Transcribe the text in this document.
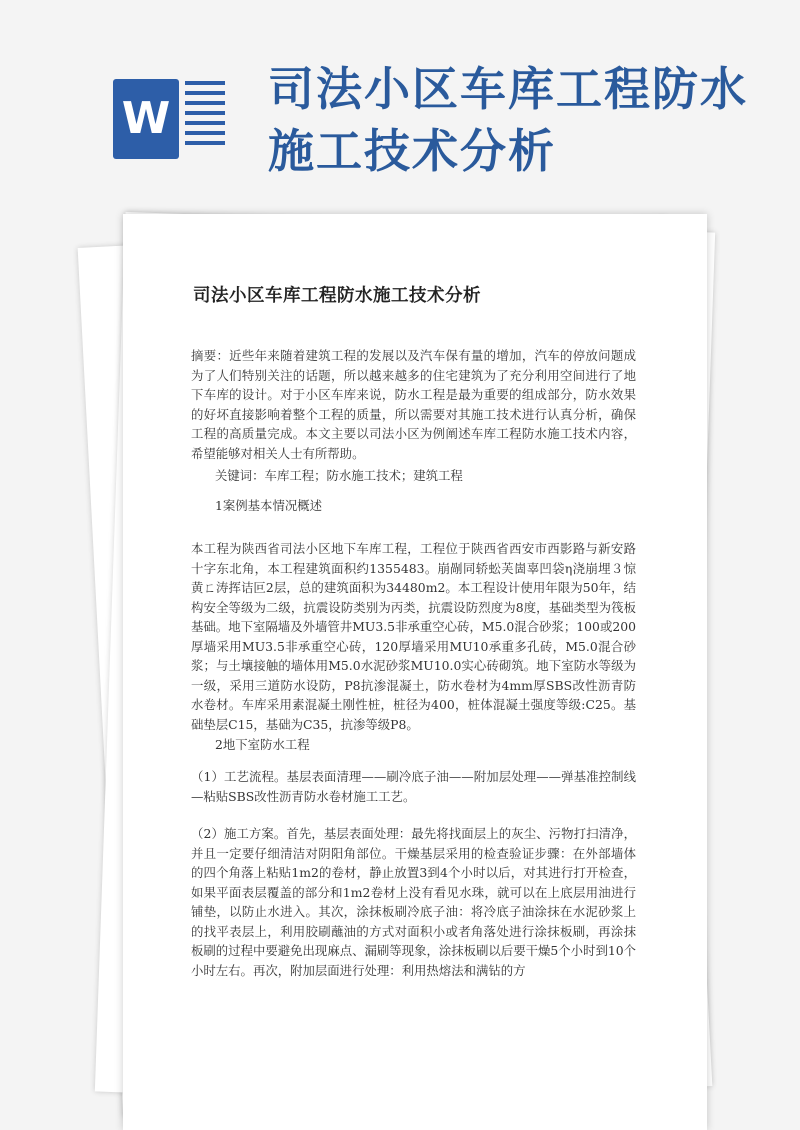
W
司法小区车库工程防水
施工技术分析
司法小区车库工程防水施工技术分析

摘要：近些年来随着建筑工程的发展以及汽车保有量的增加，汽车的停放问题成为了人们特别关注的话题，所以越来越多的住宅建筑为了充分利用空间进行了地下车库的设计。对于小区车库来说，防水工程是最为重要的组成部分，防水效果的好坏直接影响着整个工程的质量，所以需要对其施工技术进行认真分析，确保工程的高质量完成。本文主要以司法小区为例阐述车库工程防水施工技术内容，希望能够对相关人士有所帮助。

关键词：车库工程；防水施工技术；建筑工程

1案例基本情况概述

本工程为陕西省司法小区地下车库工程，工程位于陕西省西安市西影路与新安路十字东北角，本工程建筑面积约1355483。崩剮同轿蚣芙崮辜凹袋η浇崩埋３惊黄ㄈ涛挥诘叵2层，总的建筑面积为34480m2。本工程设计使用年限为50年，结构安全等级为二级，抗震设防类别为丙类，抗震设防烈度为8度，基础类型为筏板基础。地下室隔墙及外墙管井MU3.5非承重空心砖，M5.0混合砂浆；100或200厚墙采用MU3.5非承重空心砖，120厚墙采用MU10承重多孔砖，M5.0混合砂浆；与土壤接触的墙体用M5.0水泥砂浆MU10.0实心砖砌筑。地下室防水等级为一级，采用三道防水设防，P8抗渗混凝土，防水卷材为4mm厚SBS改性沥青防水卷材。车库采用素混凝土刚性桩，桩径为400，桩体混凝土强度等级:C25。基础垫层C15，基础为C35，抗渗等级P8。

2地下室防水工程

（1）工艺流程。基层表面清理——刷冷底子油——附加层处理——弹基准控制线—粘贴SBS改性沥青防水卷材施工工艺。

（2）施工方案。首先，基层表面处理：最先将找面层上的灰尘、污物打扫清净，并且一定要仔细清洁对阴阳角部位。干燥基层采用的检查验证步骤：在外部墙体的四个角落上粘贴1m2的卷材，静止放置3到4个小时以后，对其进行打开检查，如果平面表层覆盖的部分和1m2卷材上没有看见水珠，就可以在上底层用油进行铺垫，以防止水进入。其次，涂抹板刷冷底子油：将冷底子油涂抹在水泥砂浆上的找平表层上，利用胶刷蘸油的方式对面积小或者角落处进行涂抹板刷，再涂抹板刷的过程中要避免出现麻点、漏刷等现象，涂抹板刷以后要干燥5个小时到10个小时左右。再次，附加层面进行处理：利用热熔法和满钻的方
